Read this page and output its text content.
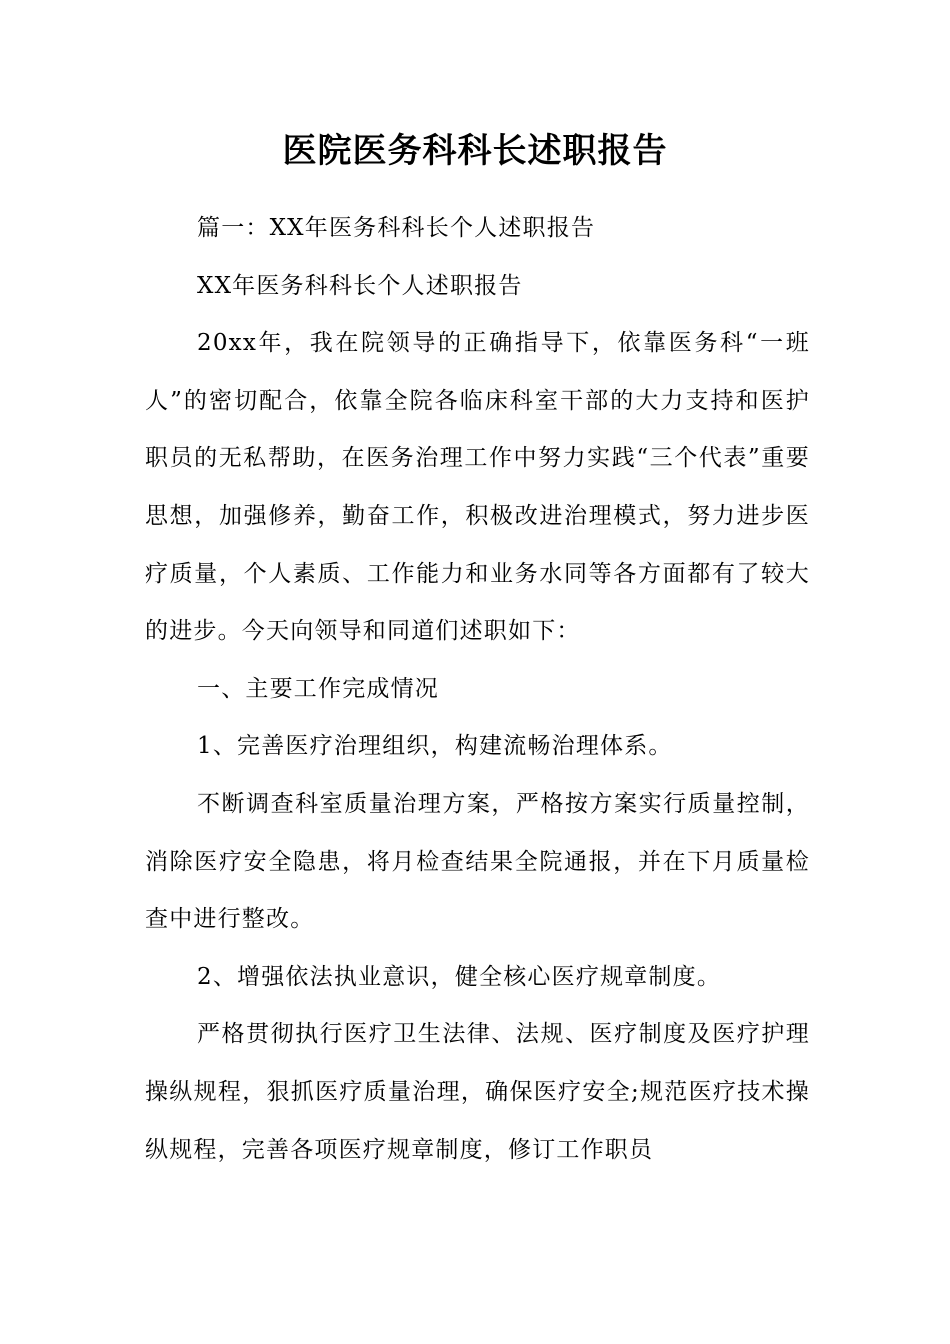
医院医务科科长述职报告

篇一：XX年医务科科长个人述职报告

XX年医务科科长个人述职报告

20xx年，我在院领导的正确指导下，依靠医务科“一班人”的密切配合，依靠全院各临床科室干部的大力支持和医护职员的无私帮助，在医务治理工作中努力实践“三个代表”重要思想，加强修养，勤奋工作，积极改进治理模式，努力进步医疗质量，个人素质、工作能力和业务水同等各方面都有了较大的进步。今天向领导和同道们述职如下：

一、主要工作完成情况

1、完善医疗治理组织，构建流畅治理体系。

不断调查科室质量治理方案，严格按方案实行质量控制，消除医疗安全隐患，将月检查结果全院通报，并在下月质量检查中进行整改。

2、增强依法执业意识，健全核心医疗规章制度。

严格贯彻执行医疗卫生法律、法规、医疗制度及医疗护理操纵规程，狠抓医疗质量治理，确保医疗安全;规范医疗技术操纵规程，完善各项医疗规章制度，修订工作职员
